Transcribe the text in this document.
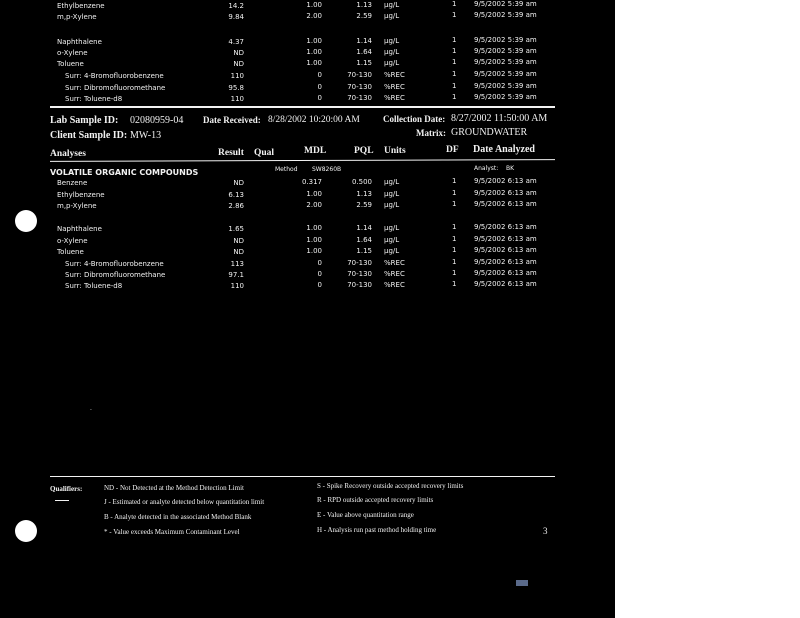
Ethylbenzene	14.2	1.00	1.13 µg/L	1	9/5/2002 5:39 am
m,p-Xylene	9.84	2.00	2.59 µg/L	1	9/5/2002 5:39 am
Naphthalene	4.37	1.00	1.14 µg/L	1	9/5/2002 5:39 am
o-Xylene	ND	1.00	1.64 µg/L	1	9/5/2002 5:39 am
Toluene	ND	1.00	1.15 µg/L	1	9/5/2002 5:39 am
Surr: 4-Bromofluorobenzene	110	0	70-130 %REC	1	9/5/2002 5:39 am
Surr: Dibromofluoromethane	95.8	0	70-130 %REC	1	9/5/2002 5:39 am
Surr: Toluene-d8	110	0	70-130 %REC	1	9/5/2002 5:39 am
Lab Sample ID: 02080959-04 Date Received: 8/28/2002 10:20:00 AM	Collection Date: 8/27/2002 11:50:00 AM
Client Sample ID: MW-13	Matrix: GROUNDWATER
Analyses	Result Qual	MDL	PQL Units	DF Date Analyzed
VOLATILE ORGANIC COMPOUNDS	Method SW8260B	Analyst: BK
Benzene	ND	0.317	0.500 µg/L	1	9/5/2002 6:13 am
Ethylbenzene	6.13	1.00	1.13 µg/L	1	9/5/2002 6:13 am
m,p-Xylene	2.86	2.00	2.59 µg/L	1	9/5/2002 6:13 am
Naphthalene	1.65	1.00	1.14 µg/L	1	9/5/2002 6:13 am
o-Xylene	ND	1.00	1.64 µg/L	1	9/5/2002 6:13 am
Toluene	ND	1.00	1.15 µg/L	1	9/5/2002 6:13 am
Surr: 4-Bromofluorobenzene	113	0	70-130 %REC	1	9/5/2002 6:13 am
Surr: Dibromofluoromethane	97.1	0	70-130 %REC	1	9/5/2002 6:13 am
Surr: Toluene-d8	110	0	70-130 %REC	1	9/5/2002 6:13 am
.
Qualifiers:	ND - Not Detected at the Method Detection Limit
J - Estimated or analyte detected below quantitation limit
B - Analyte detected in the associated Method Blank
* - Value exceeds Maximum Contaminant Level
S - Spike Recovery outside accepted recovery limits
R - RPD outside accepted recovery limits
E - Value above quantitation range
H - Analysis run past method holding time	3
